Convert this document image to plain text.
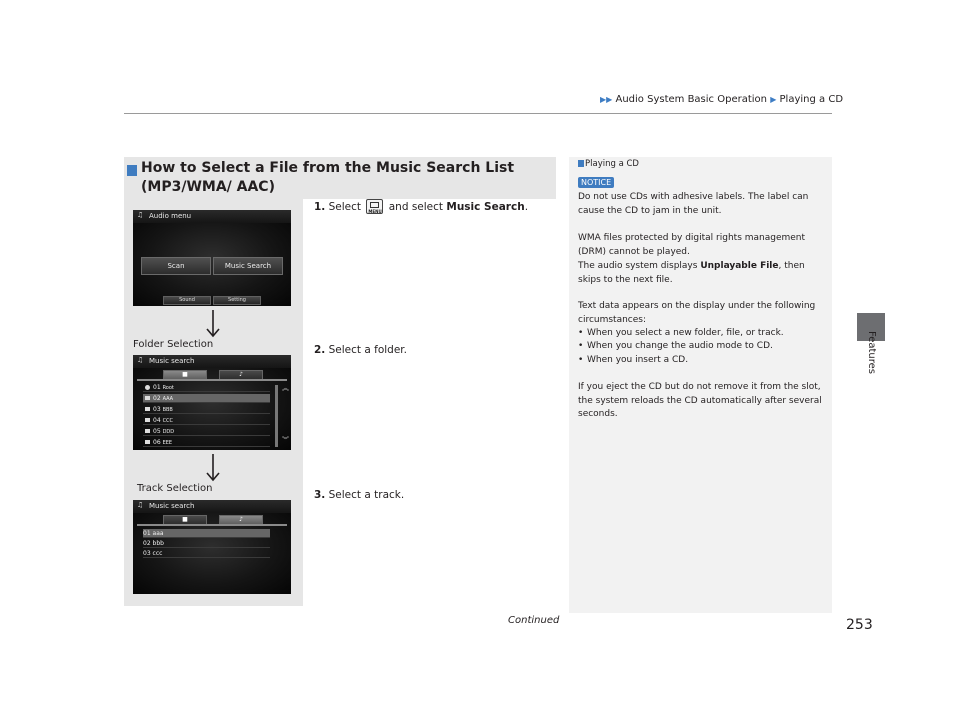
▶▶ Audio System Basic Operation ▶ Playing a CD
Features
How to Select a File from the Music Search List (MP3/WMA/ AAC)
1. Select MENU and select Music Search.
2. Select a folder.
3. Select a track.
♫ Audio menu
Scan	Music Search
Sound	Setting
Folder Selection
♫ Music search
■	♪
01 Root
02 AAA
03 BBB
04 CCC
05 DDD
06 EEE
︽
︾
Track Selection
♫ Music search
■	♪
01 aaa
02 bbb
03 ccc
Playing a CD
NOTICE
Do not use CDs with adhesive labels. The label can cause the CD to jam in the unit.
WMA files protected by digital rights management (DRM) cannot be played.
The audio system displays Unplayable File, then skips to the next file.
Text data appears on the display under the following circumstances:
• When you select a new folder, file, or track.
• When you change the audio mode to CD.
• When you insert a CD.
If you eject the CD but do not remove it from the slot, the system reloads the CD automatically after several seconds.
Continued	253
